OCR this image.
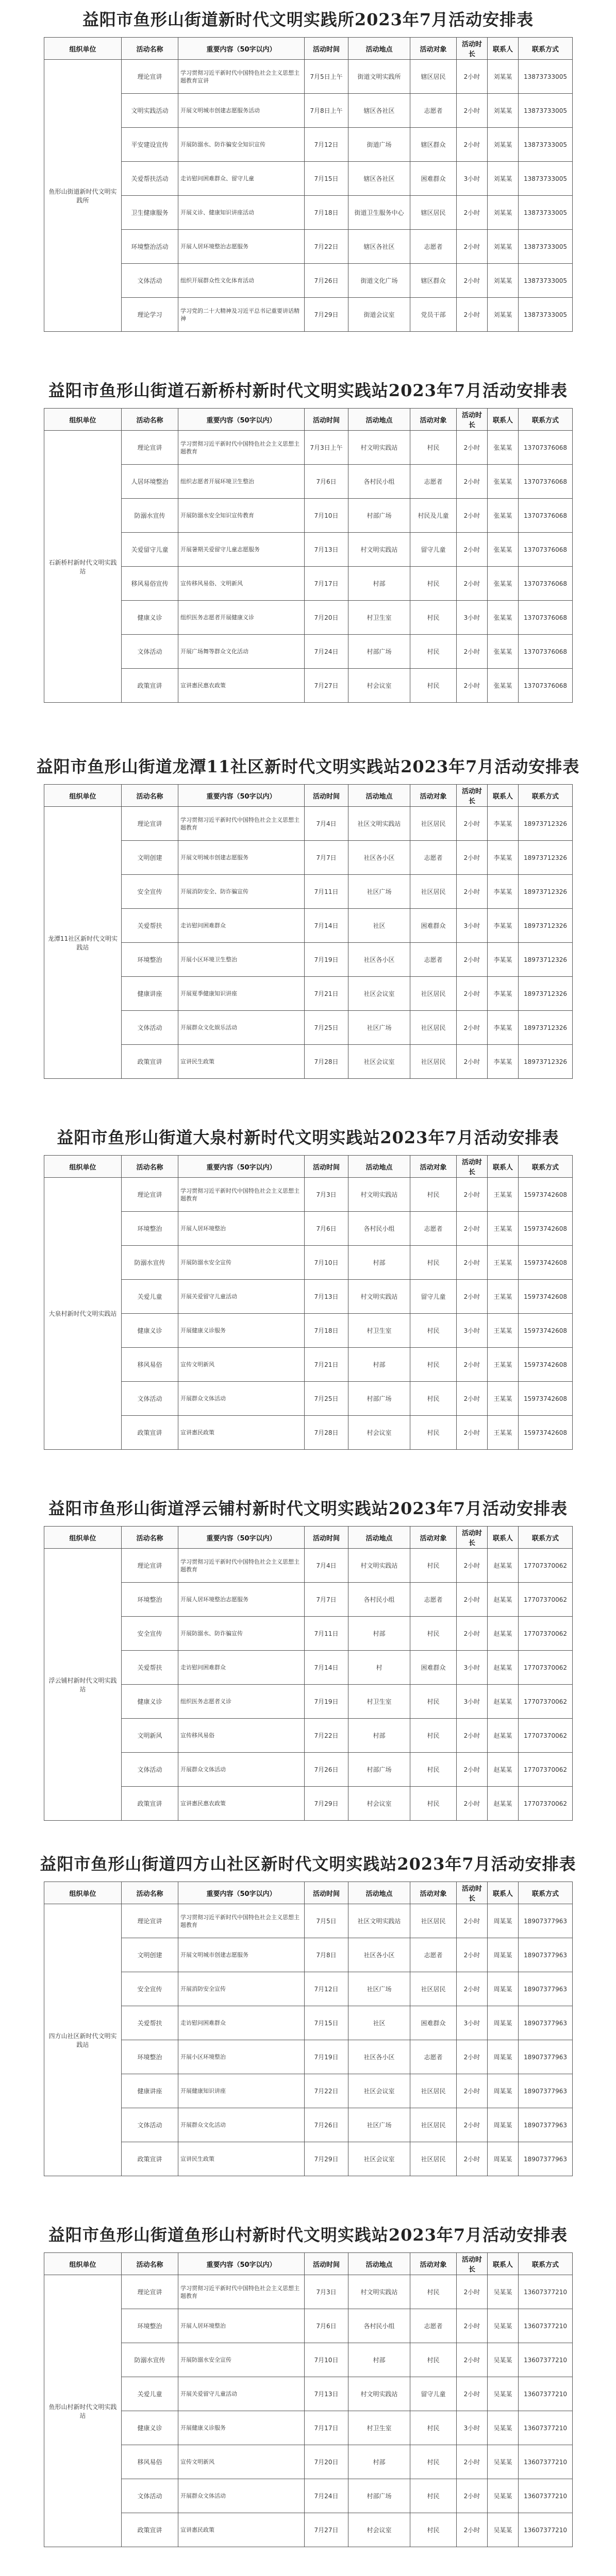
益阳市鱼形山街道新时代文明实践所2023年7月活动安排表
组织单位	活动名称	重要内容（50字以内）	活动时间	活动地点	活动对象	活动时长	联系人	联系方式
鱼形山街道新时代文明实践所	理论宣讲	学习贯彻习近平新时代中国特色社会主义思想主题教育宣讲	7月5日上午	街道文明实践所	辖区居民	2小时	刘某某	13873733005
	文明实践活动	开展文明城市创建志愿服务活动	7月8日上午	辖区各社区	志愿者	2小时	刘某某	13873733005
	平安建设宣传	开展防溺水、防诈骗安全知识宣传	7月12日	街道广场	辖区群众	2小时	刘某某	13873733005
	关爱帮扶活动	走访慰问困难群众、留守儿童	7月15日	辖区各社区	困难群众	3小时	刘某某	13873733005
	卫生健康服务	开展义诊、健康知识讲座活动	7月18日	街道卫生服务中心	辖区居民	2小时	刘某某	13873733005
	环境整治活动	开展人居环境整治志愿服务	7月22日	辖区各社区	志愿者	2小时	刘某某	13873733005
	文体活动	组织开展群众性文化体育活动	7月26日	街道文化广场	辖区群众	2小时	刘某某	13873733005
	理论学习	学习党的二十大精神及习近平总书记重要讲话精神	7月29日	街道会议室	党员干部	2小时	刘某某	13873733005
益阳市鱼形山街道石新桥村新时代文明实践站2023年7月活动安排表
组织单位	活动名称	重要内容（50字以内）	活动时间	活动地点	活动对象	活动时长	联系人	联系方式
石新桥村新时代文明实践站	理论宣讲	学习贯彻习近平新时代中国特色社会主义思想主题教育	7月3日上午	村文明实践站	村民	2小时	张某某	13707376068
	人居环境整治	组织志愿者开展环境卫生整治	7月6日	各村民小组	志愿者	2小时	张某某	13707376068
	防溺水宣传	开展防溺水安全知识宣传教育	7月10日	村部广场	村民及儿童	2小时	张某某	13707376068
	关爱留守儿童	开展暑期关爱留守儿童志愿服务	7月13日	村文明实践站	留守儿童	2小时	张某某	13707376068
	移风易俗宣传	宣传移风易俗、文明新风	7月17日	村部	村民	2小时	张某某	13707376068
	健康义诊	组织医务志愿者开展健康义诊	7月20日	村卫生室	村民	3小时	张某某	13707376068
	文体活动	开展广场舞等群众文化活动	7月24日	村部广场	村民	2小时	张某某	13707376068
	政策宣讲	宣讲惠民惠农政策	7月27日	村会议室	村民	2小时	张某某	13707376068
益阳市鱼形山街道龙潭11社区新时代文明实践站2023年7月活动安排表
组织单位	活动名称	重要内容（50字以内）	活动时间	活动地点	活动对象	活动时长	联系人	联系方式
龙潭11社区新时代文明实践站	理论宣讲	学习贯彻习近平新时代中国特色社会主义思想主题教育	7月4日	社区文明实践站	社区居民	2小时	李某某	18973712326
	文明创建	开展文明城市创建志愿服务	7月7日	社区各小区	志愿者	2小时	李某某	18973712326
	安全宣传	开展消防安全、防诈骗宣传	7月11日	社区广场	社区居民	2小时	李某某	18973712326
	关爱帮扶	走访慰问困难群众	7月14日	社区	困难群众	3小时	李某某	18973712326
	环境整治	开展小区环境卫生整治	7月19日	社区各小区	志愿者	2小时	李某某	18973712326
	健康讲座	开展夏季健康知识讲座	7月21日	社区会议室	社区居民	2小时	李某某	18973712326
	文体活动	开展群众文化娱乐活动	7月25日	社区广场	社区居民	2小时	李某某	18973712326
	政策宣讲	宣讲民生政策	7月28日	社区会议室	社区居民	2小时	李某某	18973712326
益阳市鱼形山街道大泉村新时代文明实践站2023年7月活动安排表
组织单位	活动名称	重要内容（50字以内）	活动时间	活动地点	活动对象	活动时长	联系人	联系方式
大泉村新时代文明实践站	理论宣讲	学习贯彻习近平新时代中国特色社会主义思想主题教育	7月3日	村文明实践站	村民	2小时	王某某	15973742608
	环境整治	开展人居环境整治	7月6日	各村民小组	志愿者	2小时	王某某	15973742608
	防溺水宣传	开展防溺水安全宣传	7月10日	村部	村民	2小时	王某某	15973742608
	关爱儿童	开展关爱留守儿童活动	7月13日	村文明实践站	留守儿童	2小时	王某某	15973742608
	健康义诊	开展健康义诊服务	7月18日	村卫生室	村民	3小时	王某某	15973742608
	移风易俗	宣传文明新风	7月21日	村部	村民	2小时	王某某	15973742608
	文体活动	开展群众文体活动	7月25日	村部广场	村民	2小时	王某某	15973742608
	政策宣讲	宣讲惠民政策	7月28日	村会议室	村民	2小时	王某某	15973742608
益阳市鱼形山街道浮云铺村新时代文明实践站2023年7月活动安排表
组织单位	活动名称	重要内容（50字以内）	活动时间	活动地点	活动对象	活动时长	联系人	联系方式
浮云铺村新时代文明实践站	理论宣讲	学习贯彻习近平新时代中国特色社会主义思想主题教育	7月4日	村文明实践站	村民	2小时	赵某某	17707370062
	环境整治	开展人居环境整治志愿服务	7月7日	各村民小组	志愿者	2小时	赵某某	17707370062
	安全宣传	开展防溺水、防诈骗宣传	7月11日	村部	村民	2小时	赵某某	17707370062
	关爱帮扶	走访慰问困难群众	7月14日	村	困难群众	3小时	赵某某	17707370062
	健康义诊	组织医务志愿者义诊	7月19日	村卫生室	村民	3小时	赵某某	17707370062
	文明新风	宣传移风易俗	7月22日	村部	村民	2小时	赵某某	17707370062
	文体活动	开展群众文体活动	7月26日	村部广场	村民	2小时	赵某某	17707370062
	政策宣讲	宣讲惠民惠农政策	7月29日	村会议室	村民	2小时	赵某某	17707370062
益阳市鱼形山街道四方山社区新时代文明实践站2023年7月活动安排表
组织单位	活动名称	重要内容（50字以内）	活动时间	活动地点	活动对象	活动时长	联系人	联系方式
四方山社区新时代文明实践站	理论宣讲	学习贯彻习近平新时代中国特色社会主义思想主题教育	7月5日	社区文明实践站	社区居民	2小时	周某某	18907377963
	文明创建	开展文明城市创建志愿服务	7月8日	社区各小区	志愿者	2小时	周某某	18907377963
	安全宣传	开展消防安全宣传	7月12日	社区广场	社区居民	2小时	周某某	18907377963
	关爱帮扶	走访慰问困难群众	7月15日	社区	困难群众	3小时	周某某	18907377963
	环境整治	开展小区环境整治	7月19日	社区各小区	志愿者	2小时	周某某	18907377963
	健康讲座	开展健康知识讲座	7月22日	社区会议室	社区居民	2小时	周某某	18907377963
	文体活动	开展群众文化活动	7月26日	社区广场	社区居民	2小时	周某某	18907377963
	政策宣讲	宣讲民生政策	7月29日	社区会议室	社区居民	2小时	周某某	18907377963
益阳市鱼形山街道鱼形山村新时代文明实践站2023年7月活动安排表
组织单位	活动名称	重要内容（50字以内）	活动时间	活动地点	活动对象	活动时长	联系人	联系方式
鱼形山村新时代文明实践站	理论宣讲	学习贯彻习近平新时代中国特色社会主义思想主题教育	7月3日	村文明实践站	村民	2小时	吴某某	13607377210
	环境整治	开展人居环境整治	7月6日	各村民小组	志愿者	2小时	吴某某	13607377210
	防溺水宣传	开展防溺水安全宣传	7月10日	村部	村民	2小时	吴某某	13607377210
	关爱儿童	开展关爱留守儿童活动	7月13日	村文明实践站	留守儿童	2小时	吴某某	13607377210
	健康义诊	开展健康义诊服务	7月17日	村卫生室	村民	3小时	吴某某	13607377210
	移风易俗	宣传文明新风	7月20日	村部	村民	2小时	吴某某	13607377210
	文体活动	开展群众文体活动	7月24日	村部广场	村民	2小时	吴某某	13607377210
	政策宣讲	宣讲惠民政策	7月27日	村会议室	村民	2小时	吴某某	13607377210
